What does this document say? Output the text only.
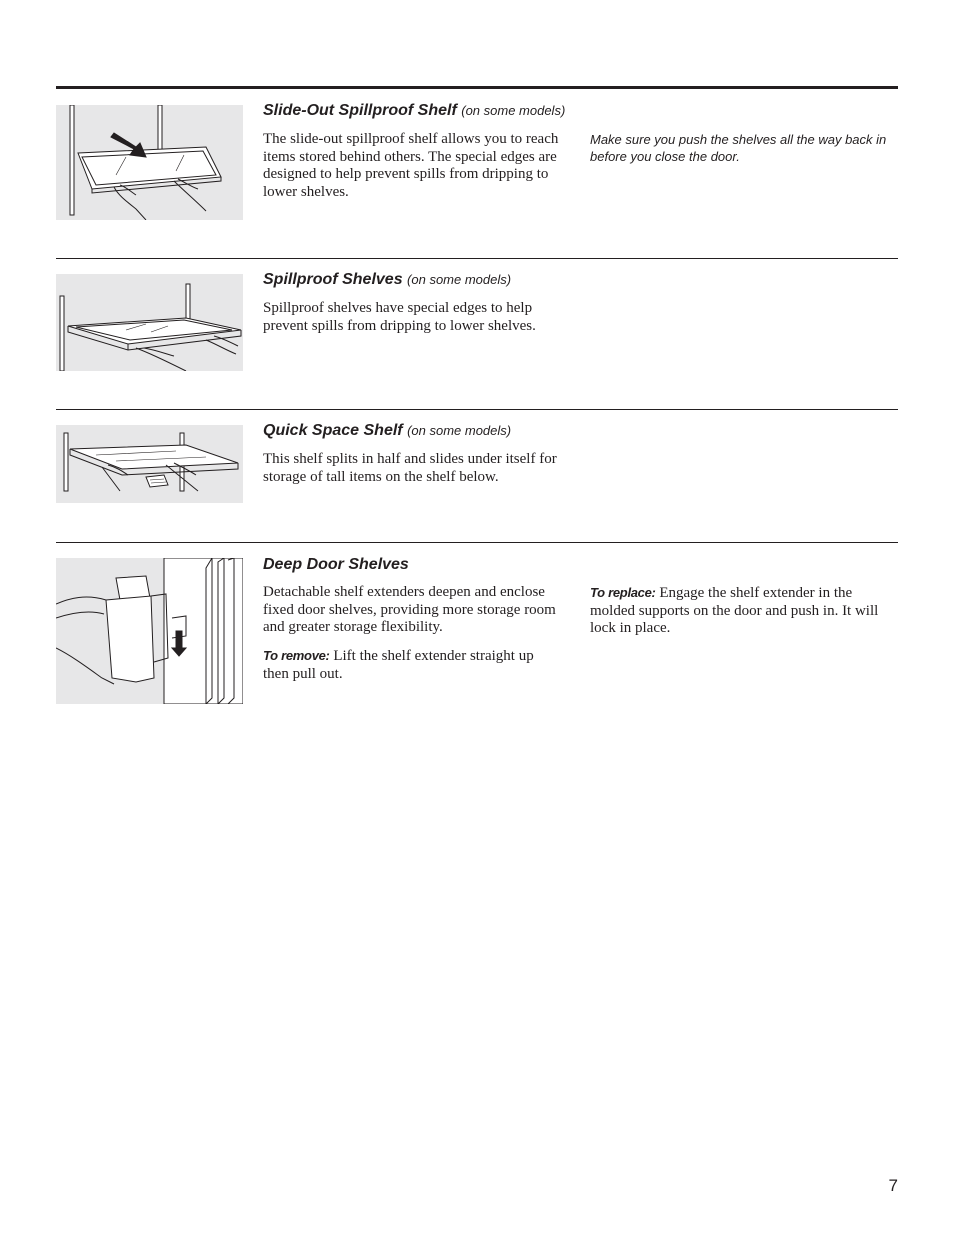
Slide-Out Spillproof Shelf (on some models)
The slide-out spillproof shelf allows you to reach items stored behind others. The special edges are designed to help prevent spills from dripping to lower shelves.
Make sure you push the shelves all the way back in before you close the door.
Spillproof Shelves (on some models)
Spillproof shelves have special edges to help prevent spills from dripping to lower shelves.
Quick Space Shelf (on some models)
This shelf splits in half and slides under itself for storage of tall items on the shelf below.
Deep Door Shelves
Detachable shelf extenders deepen and enclose fixed door shelves, providing more storage room and greater storage flexibility.
To remove: Lift the shelf extender straight up then pull out.
To replace: Engage the shelf extender in the molded supports on the door and push in. It will lock in place.
7
